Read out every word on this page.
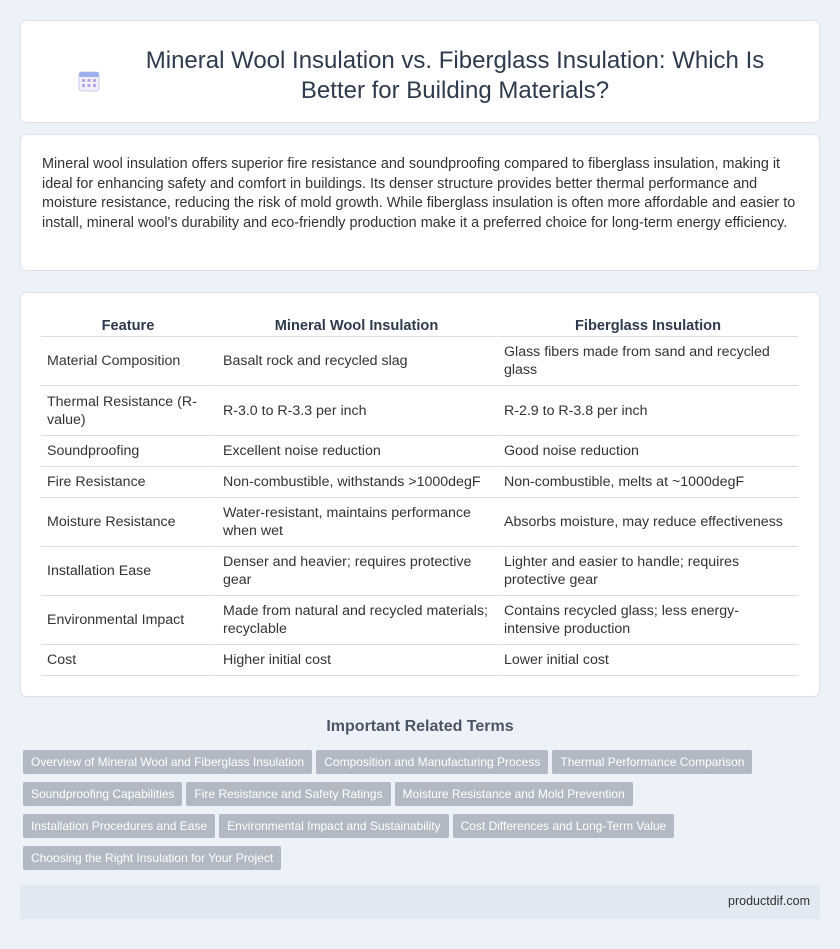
Mineral Wool Insulation vs. Fiberglass Insulation: Which Is Better for Building Materials?

Mineral wool insulation offers superior fire resistance and soundproofing compared to fiberglass insulation, making it ideal for enhancing safety and comfort in buildings. Its denser structure provides better thermal performance and moisture resistance, reducing the risk of mold growth. While fiberglass insulation is often more affordable and easier to install, mineral wool's durability and eco-friendly production make it a preferred choice for long-term energy efficiency.

Feature	Mineral Wool Insulation	Fiberglass Insulation
Material Composition	Basalt rock and recycled slag	Glass fibers made from sand and recycled glass
Thermal Resistance (R-value)	R-3.0 to R-3.3 per inch	R-2.9 to R-3.8 per inch
Soundproofing	Excellent noise reduction	Good noise reduction
Fire Resistance	Non-combustible, withstands >1000degF	Non-combustible, melts at ~1000degF
Moisture Resistance	Water-resistant, maintains performance when wet	Absorbs moisture, may reduce effectiveness
Installation Ease	Denser and heavier; requires protective gear	Lighter and easier to handle; requires protective gear
Environmental Impact	Made from natural and recycled materials; recyclable	Contains recycled glass; less energy-intensive production
Cost	Higher initial cost	Lower initial cost
Important Related Terms
Overview of Mineral Wool and Fiberglass Insulation Composition and Manufacturing Process Thermal Performance Comparison
Soundproofing Capabilities Fire Resistance and Safety Ratings Moisture Resistance and Mold Prevention
Installation Procedures and Ease Environmental Impact and Sustainability Cost Differences and Long-Term Value
Choosing the Right Insulation for Your Project
productdif.com
